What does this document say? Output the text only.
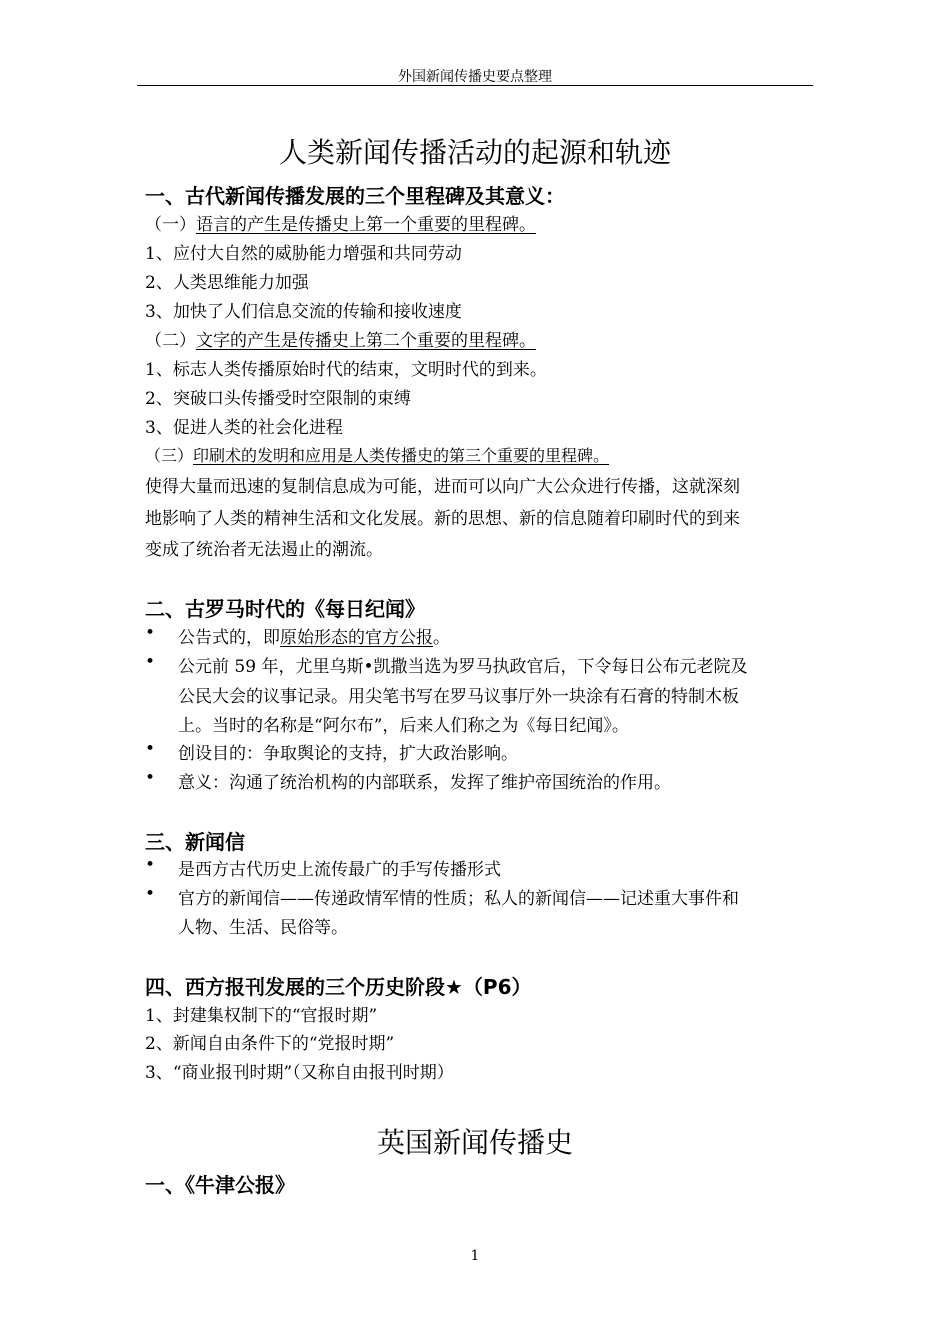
外国新闻传播史要点整理
人类新闻传播活动的起源和轨迹
一、古代新闻传播发展的三个里程碑及其意义：
（一）语言的产生是传播史上第一个重要的里程碑。
1、应付大自然的威胁能力增强和共同劳动
2、人类思维能力加强
3、加快了人们信息交流的传输和接收速度
（二）文字的产生是传播史上第二个重要的里程碑。
1、标志人类传播原始时代的结束，文明时代的到来。
2、突破口头传播受时空限制的束缚
3、促进人类的社会化进程
（三）印刷术的发明和应用是人类传播史的第三个重要的里程碑。
使得大量而迅速的复制信息成为可能，进而可以向广大公众进行传播，这就深刻
地影响了人类的精神生活和文化发展。新的思想、新的信息随着印刷时代的到来
变成了统治者无法遏止的潮流。
二、古罗马时代的《每日纪闻》
• 公告式的，即原始形态的官方公报。
• 公元前 59 年，尤里乌斯•凯撒当选为罗马执政官后，下令每日公布元老院及
公民大会的议事记录。用尖笔书写在罗马议事厅外一块涂有石膏的特制木板
上。当时的名称是“阿尔布”，后来人们称之为《每日纪闻》。
• 创设目的：争取舆论的支持，扩大政治影响。
• 意义：沟通了统治机构的内部联系，发挥了维护帝国统治的作用。
三、新闻信
• 是西方古代历史上流传最广的手写传播形式
• 官方的新闻信——传递政情军情的性质；私人的新闻信——记述重大事件和
人物、生活、民俗等。
四、西方报刊发展的三个历史阶段★（P6）
1、封建集权制下的“官报时期”
2、新闻自由条件下的“党报时期”
3、“商业报刊时期”（又称自由报刊时期）
英国新闻传播史
一、《牛津公报》
1
